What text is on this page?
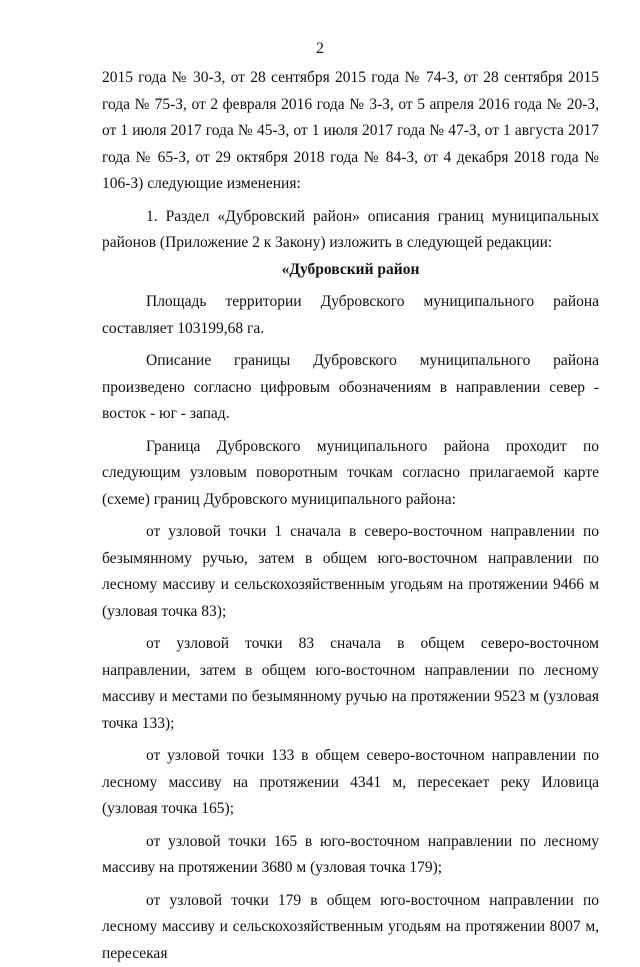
2

2015 года № 30-З, от 28 сентября 2015 года № 74-З, от 28 сентября 2015 года № 75-З, от 2 февраля 2016 года № 3-З, от 5 апреля 2016 года № 20-З, от 1 июля 2017 года № 45-З, от 1 июля 2017 года № 47-З, от 1 августа 2017 года № 65-З, от 29 октября 2018 года № 84-З, от 4 декабря 2018 года № 106-З) следующие изменения:

1. Раздел «Дубровский район» описания границ муниципальных районов (Приложение 2 к Закону) изложить в следующей редакции:

«Дубровский район

Площадь территории Дубровского муниципального района составляет 103199,68 га.

Описание границы Дубровского муниципального района произведено согласно цифровым обозначениям в направлении север - восток - юг - запад.

Граница Дубровского муниципального района проходит по следующим узловым поворотным точкам согласно прилагаемой карте (схеме) границ Дубровского муниципального района:

от узловой точки 1 сначала в северо-восточном направлении по безымянному ручью, затем в общем юго-восточном направлении по лесному массиву и сельскохозяйственным угодьям на протяжении 9466 м (узловая точка 83);

от узловой точки 83 сначала в общем северо-восточном направлении, затем в общем юго-восточном направлении по лесному массиву и местами по безымянному ручью на протяжении 9523 м (узловая точка 133);

от узловой точки 133 в общем северо-восточном направлении по лесному массиву на протяжении 4341 м, пересекает реку Иловица (узловая точка 165);

от узловой точки 165 в юго-восточном направлении по лесному массиву на протяжении 3680 м (узловая точка 179);

от узловой точки 179 в общем юго-восточном направлении по лесному массиву и сельскохозяйственным угодьям на протяжении 8007 м, пересекая
